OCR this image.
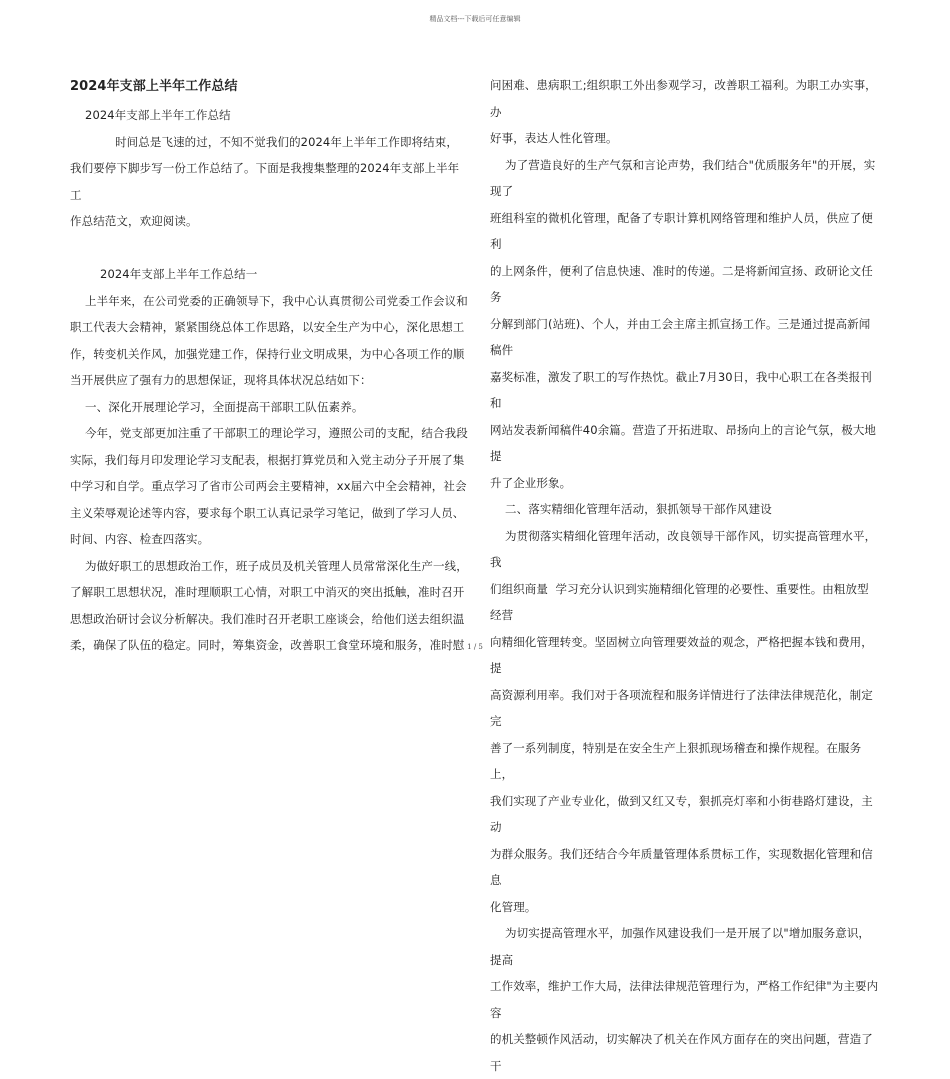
精品文档---下载后可任意编辑

2024年支部上半年工作总结

2024年支部上半年工作总结

时间总是飞速的过，不知不觉我们的2024年上半年工作即将结束，

我们要停下脚步写一份工作总结了。下面是我搜集整理的2024年支部上半年工

作总结范文，欢迎阅读。

2024年支部上半年工作总结一

上半年来，在公司党委的正确领导下，我中心认真贯彻公司党委工作会议和

职工代表大会精神，紧紧围绕总体工作思路，以安全生产为中心，深化思想工

作，转变机关作风，加强党建工作，保持行业文明成果，为中心各项工作的顺

当开展供应了强有力的思想保证，现将具体状况总结如下：

一、深化开展理论学习，全面提高干部职工队伍素养。

今年，党支部更加注重了干部职工的理论学习，遵照公司的支配，结合我段

实际，我们每月印发理论学习支配表，根据打算党员和入党主动分子开展了集

中学习和自学。重点学习了省市公司两会主要精神，xx届六中全会精神，社会

主义荣辱观论述等内容，要求每个职工认真记录学习笔记，做到了学习人员、

时间、内容、检查四落实。

为做好职工的思想政治工作，班子成员及机关管理人员常常深化生产一线，

了解职工思想状况，准时理顺职工心情，对职工中消灭的突出抵触，准时召开

思想政治研讨会议分析解决。我们准时召开老职工座谈会，给他们送去组织温

柔，确保了队伍的稳定。同时，筹集资金，改善职工食堂环境和服务，准时慰

问困难、患病职工;组织职工外出参观学习，改善职工福利。为职工办实事，办

好事，表达人性化管理。

为了营造良好的生产气氛和言论声势，我们结合"优质服务年"的开展，实现了

班组科室的微机化管理，配备了专职计算机网络管理和维护人员，供应了便利

的上网条件，便利了信息快速、准时的传递。二是将新闻宣扬、政研论文任务

分解到部门(站班)、个人，并由工会主席主抓宣扬工作。三是通过提高新闻稿件

嘉奖标准，激发了职工的写作热忱。截止7月30日，我中心职工在各类报刊和

网站发表新闻稿件40余篇。营造了开拓进取、昂扬向上的言论气氛，极大地提

升了企业形象。

二、落实精细化管理年活动，狠抓领导干部作风建设

为贯彻落实精细化管理年活动，改良领导干部作风，切实提高管理水平，我

们组织商量  学习充分认识到实施精细化管理的必要性、重要性。由粗放型经营

向精细化管理转变。坚固树立向管理要效益的观念，严格把握本钱和费用，提

高资源利用率。我们对于各项流程和服务详情进行了法律法律规范化，制定完

善了一系列制度，特别是在安全生产上狠抓现场稽查和操作规程。在服务上，

我们实现了产业专业化，做到又红又专，狠抓亮灯率和小街巷路灯建设，主动

为群众服务。我们还结合今年质量管理体系贯标工作，实现数据化管理和信息

化管理。

为切实提高管理水平，加强作风建设我们一是开展了以"增加服务意识，提高

工作效率，维护工作大局，法律法律规范管理行为，严格工作纪律"为主要内容

的机关整顿作风活动，切实解决了机关在作风方面存在的突出问题，营造了干

1 / 5
